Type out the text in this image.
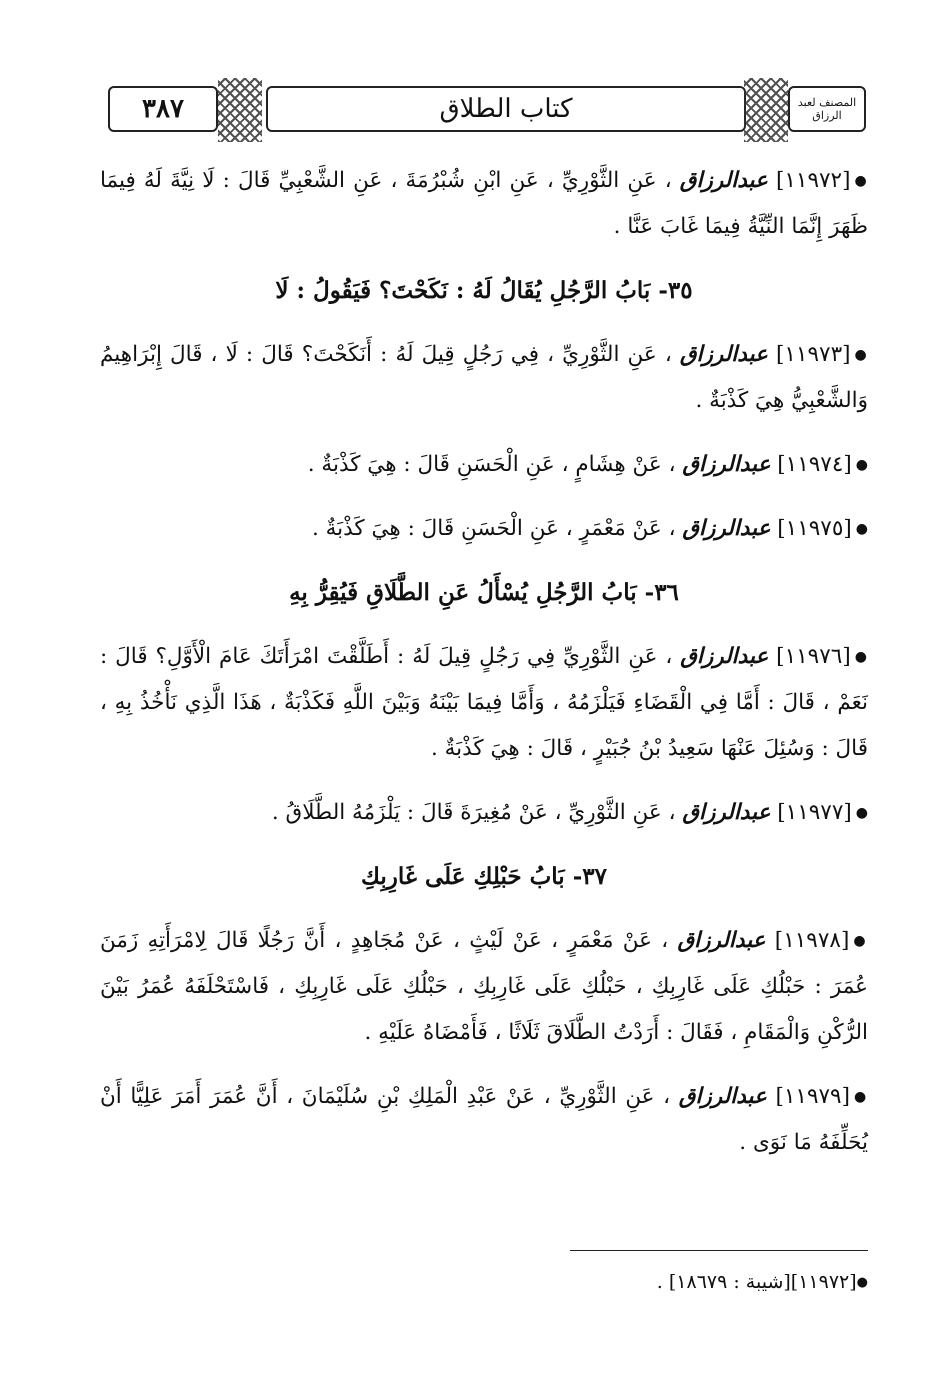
٣٨٧	كتاب الطلاق	المصنف لعبد الرزاق

●[١١٩٧٢] عبدالرزاق ، عَنِ الثَّوْرِيِّ ، عَنِ ابْنِ شُبْرُمَةَ ، عَنِ الشَّعْبِيِّ قَالَ : لَا نِيَّةَ لَهُ فِيمَا ظَهَرَ إِنَّمَا النِّيَّةُ فِيمَا غَابَ عَنَّا .

٣٥- بَابُ الرَّجُلِ يُقَالُ لَهُ : نَكَحْتَ؟ فَيَقُولُ : لَا

●[١١٩٧٣] عبدالرزاق ، عَنِ الثَّوْرِيِّ ، فِي رَجُلٍ قِيلَ لَهُ : أَنَكَحْتَ؟ قَالَ : لَا ، قَالَ إِبْرَاهِيمُ وَالشَّعْبِيُّ هِيَ كَذْبَةٌ .

●[١١٩٧٤] عبدالرزاق ، عَنْ هِشَامٍ ، عَنِ الْحَسَنِ قَالَ : هِيَ كَذْبَةٌ .

●[١١٩٧٥] عبدالرزاق ، عَنْ مَعْمَرٍ ، عَنِ الْحَسَنِ قَالَ : هِيَ كَذْبَةٌ .

٣٦- بَابُ الرَّجُلِ يُسْأَلُ عَنِ الطَّلَاقِ فَيُقِرُّ بِهِ

●[١١٩٧٦] عبدالرزاق ، عَنِ الثَّوْرِيِّ فِي رَجُلٍ قِيلَ لَهُ : أَطَلَّقْتَ امْرَأَتَكَ عَامَ الْأَوَّلِ؟ قَالَ : نَعَمْ ، قَالَ : أَمَّا فِي الْقَضَاءِ فَيَلْزَمُهُ ، وَأَمَّا فِيمَا بَيْنَهُ وَبَيْنَ اللَّهِ فَكَذْبَةٌ ، هَذَا الَّذِي نَأْخُذُ بِهِ ، قَالَ : وَسُئِلَ عَنْهَا سَعِيدُ بْنُ جُبَيْرٍ ، قَالَ : هِيَ كَذْبَةٌ .

●[١١٩٧٧] عبدالرزاق ، عَنِ الثَّوْرِيِّ ، عَنْ مُغِيرَةَ قَالَ : يَلْزَمُهُ الطَّلَاقُ .

٣٧- بَابُ حَبْلِكِ عَلَى غَارِبِكِ

●[١١٩٧٨] عبدالرزاق ، عَنْ مَعْمَرٍ ، عَنْ لَيْثٍ ، عَنْ مُجَاهِدٍ ، أَنَّ رَجُلًا قَالَ لِامْرَأَتِهِ زَمَنَ عُمَرَ : حَبْلُكِ عَلَى غَارِبِكِ ، حَبْلُكِ عَلَى غَارِبِكِ ، حَبْلُكِ عَلَى غَارِبِكِ ، فَاسْتَحْلَفَهُ عُمَرُ بَيْنَ الرُّكْنِ وَالْمَقَامِ ، فَقَالَ : أَرَدْتُ الطَّلَاقَ ثَلَاثًا ، فَأَمْضَاهُ عَلَيْهِ .

●[١١٩٧٩] عبدالرزاق ، عَنِ الثَّوْرِيِّ ، عَنْ عَبْدِ الْمَلِكِ بْنِ سُلَيْمَانَ ، أَنَّ عُمَرَ أَمَرَ عَلِيًّا أَنْ يُحَلِّفَهُ مَا نَوَى .

●[١١٩٧٢][شيبة : ١٨٦٧٩] .
